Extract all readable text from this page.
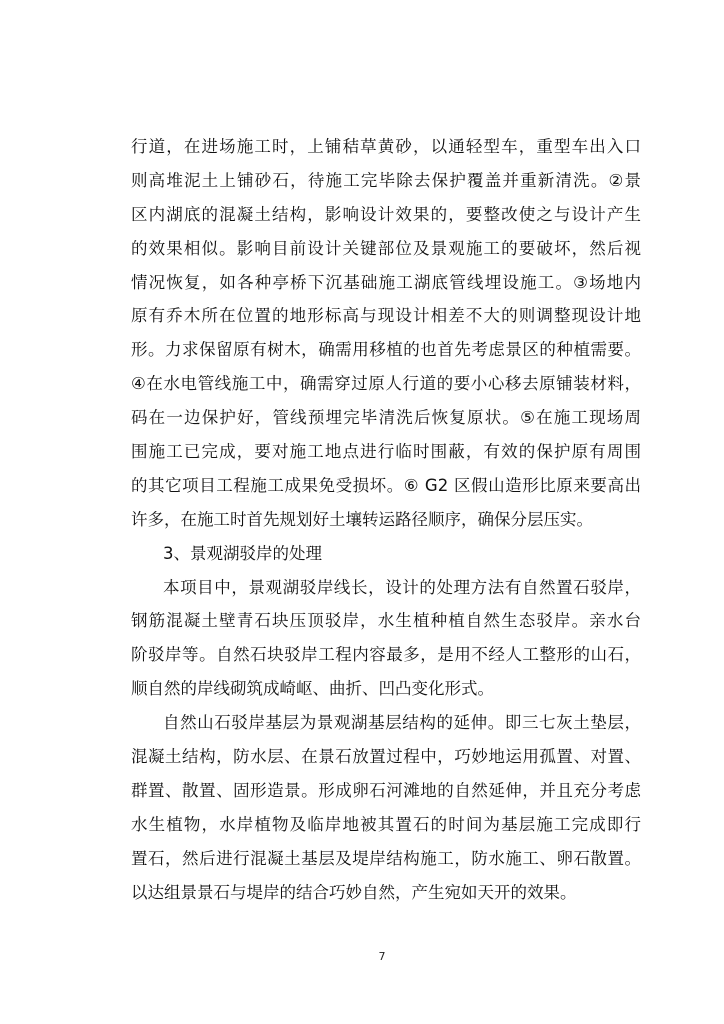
行道，在进场施工时，上铺秸草黄砂，以通轻型车，重型车出入口
则高堆泥土上铺砂石，待施工完毕除去保护覆盖并重新清洗。②景
区内湖底的混凝土结构，影响设计效果的，要整改使之与设计产生
的效果相似。影响目前设计关键部位及景观施工的要破坏，然后视
情况恢复，如各种亭桥下沉基础施工湖底管线埋设施工。③场地内
原有乔木所在位置的地形标高与现设计相差不大的则调整现设计地
形。力求保留原有树木，确需用移植的也首先考虑景区的种植需要。
④在水电管线施工中，确需穿过原人行道的要小心移去原铺装材料，
码在一边保护好，管线预埋完毕清洗后恢复原状。⑤在施工现场周
围施工已完成，要对施工地点进行临时围蔽，有效的保护原有周围
的其它项目工程施工成果免受损坏。⑥ G2 区假山造形比原来要高出
许多，在施工时首先规划好土壤转运路径顺序，确保分层压实。
3、景观湖驳岸的处理
本项目中，景观湖驳岸线长，设计的处理方法有自然置石驳岸，
钢筋混凝土壁青石块压顶驳岸，水生植种植自然生态驳岸。亲水台
阶驳岸等。自然石块驳岸工程内容最多，是用不经人工整形的山石，
顺自然的岸线砌筑成崎岖、曲折、凹凸变化形式。
自然山石驳岸基层为景观湖基层结构的延伸。即三七灰土垫层，
混凝土结构，防水层、在景石放置过程中，巧妙地运用孤置、对置、
群置、散置、固形造景。形成卵石河滩地的自然延伸，并且充分考虑
水生植物，水岸植物及临岸地被其置石的时间为基层施工完成即行
置石，然后进行混凝土基层及堤岸结构施工，防水施工、卵石散置。
以达组景景石与堤岸的结合巧妙自然，产生宛如天开的效果。
7
